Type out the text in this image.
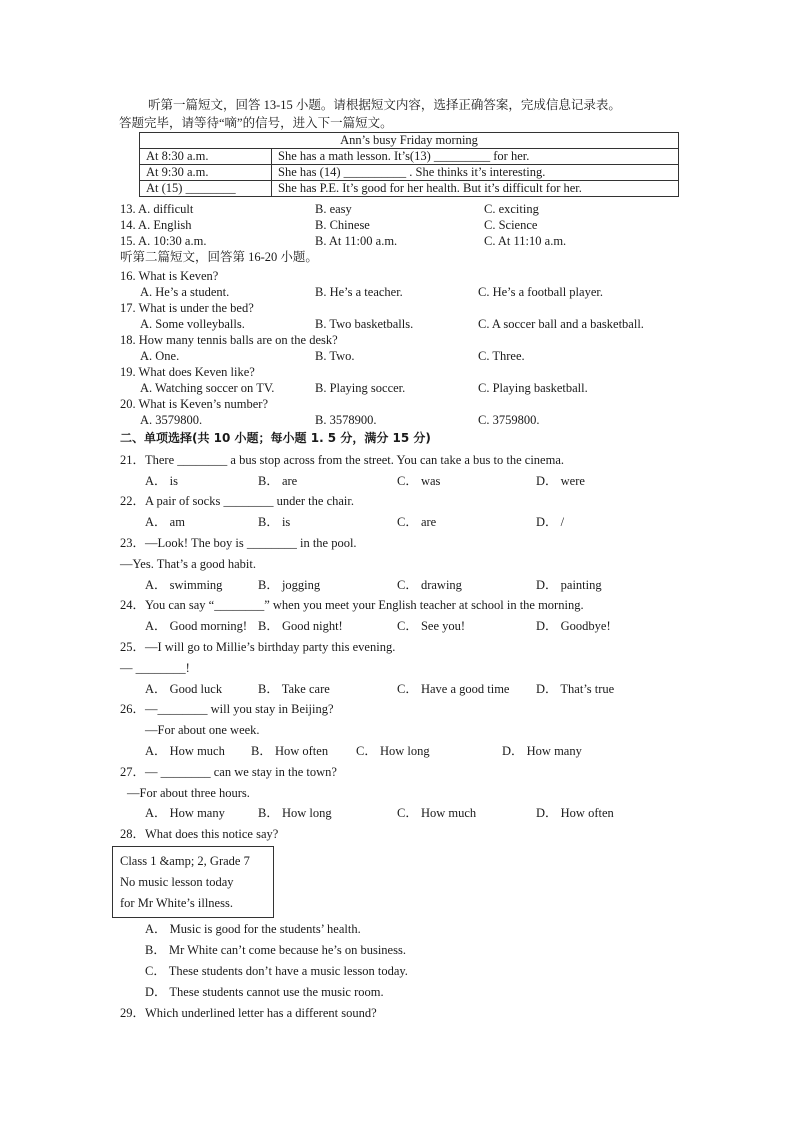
听第一篇短文，回答 13-15 小题。请根据短文内容，选择正确答案，完成信息记录表。
答题完毕，请等待“嘀”的信号，进入下一篇短文。
Ann’s busy Friday morning	
At 8:30 a.m.	She has a math lesson. It’s(13) _________ for her.
At 9:30 a.m.	She has (14) __________ . She thinks it’s interesting.
At (15) ________	She has P.E. It’s good for her health. But it’s difficult for her.
13. A. difficult	B. easy	C. exciting
14. A. English	B. Chinese	C. Science
15. A. 10:30 a.m.	B. At 11:00 a.m.	C. At 11:10 a.m.
听第二篇短文，回答第 16-20 小题。
16. What is Keven?
A. He’s a student.	B. He’s a teacher.	C. He’s a football player.
17. What is under the bed?
A. Some volleyballs.	B. Two basketballs.	C. A soccer ball and a basketball.
18. How many tennis balls are on the desk?
A. One.	B. Two.	C. Three.
19. What does Keven like?
A. Watching soccer on TV.	B. Playing soccer.	C. Playing basketball.
20. What is Keven’s number?
A. 3579800.	B. 3578900.	C. 3759800.
二、单项选择(共 10 小题；每小题 1. 5 分，满分 15 分)
21．There ________ a bus stop across from the street. You can take a bus to the cinema.
A． is	B． are	C． was	D． were
22．A pair of socks ________ under the chair.
A． am	B． is	C． are	D． /
23．—Look! The boy is ________ in the pool.
—Yes. That’s a good habit.
A． swimming	B． jogging	C． drawing	D． painting
24．You can say “________” when you meet your English teacher at school in the morning.
A． Good morning! B． Good night!	C． See you!	D． Goodbye!
25．—I will go to Millie’s birthday party this evening.
— ________!
A． Good luck	B． Take care	C． Have a good time D． That’s true
26．—________ will you stay in Beijing?
—For about one week.
A． How much B． How often C． How long	D． How many
27．— ________ can we stay in the town?
—For about three hours.
A． How many	B． How long	C． How much	D． How often
28．What does this notice say?
Class 1 &amp; 2, Grade 7
No music lesson today
for Mr White’s illness.
A． Music is good for the students’ health.
B． Mr White can’t come because he’s on business.
C． These students don’t have a music lesson today.
D． These students cannot use the music room.
29．Which underlined letter has a different sound?
